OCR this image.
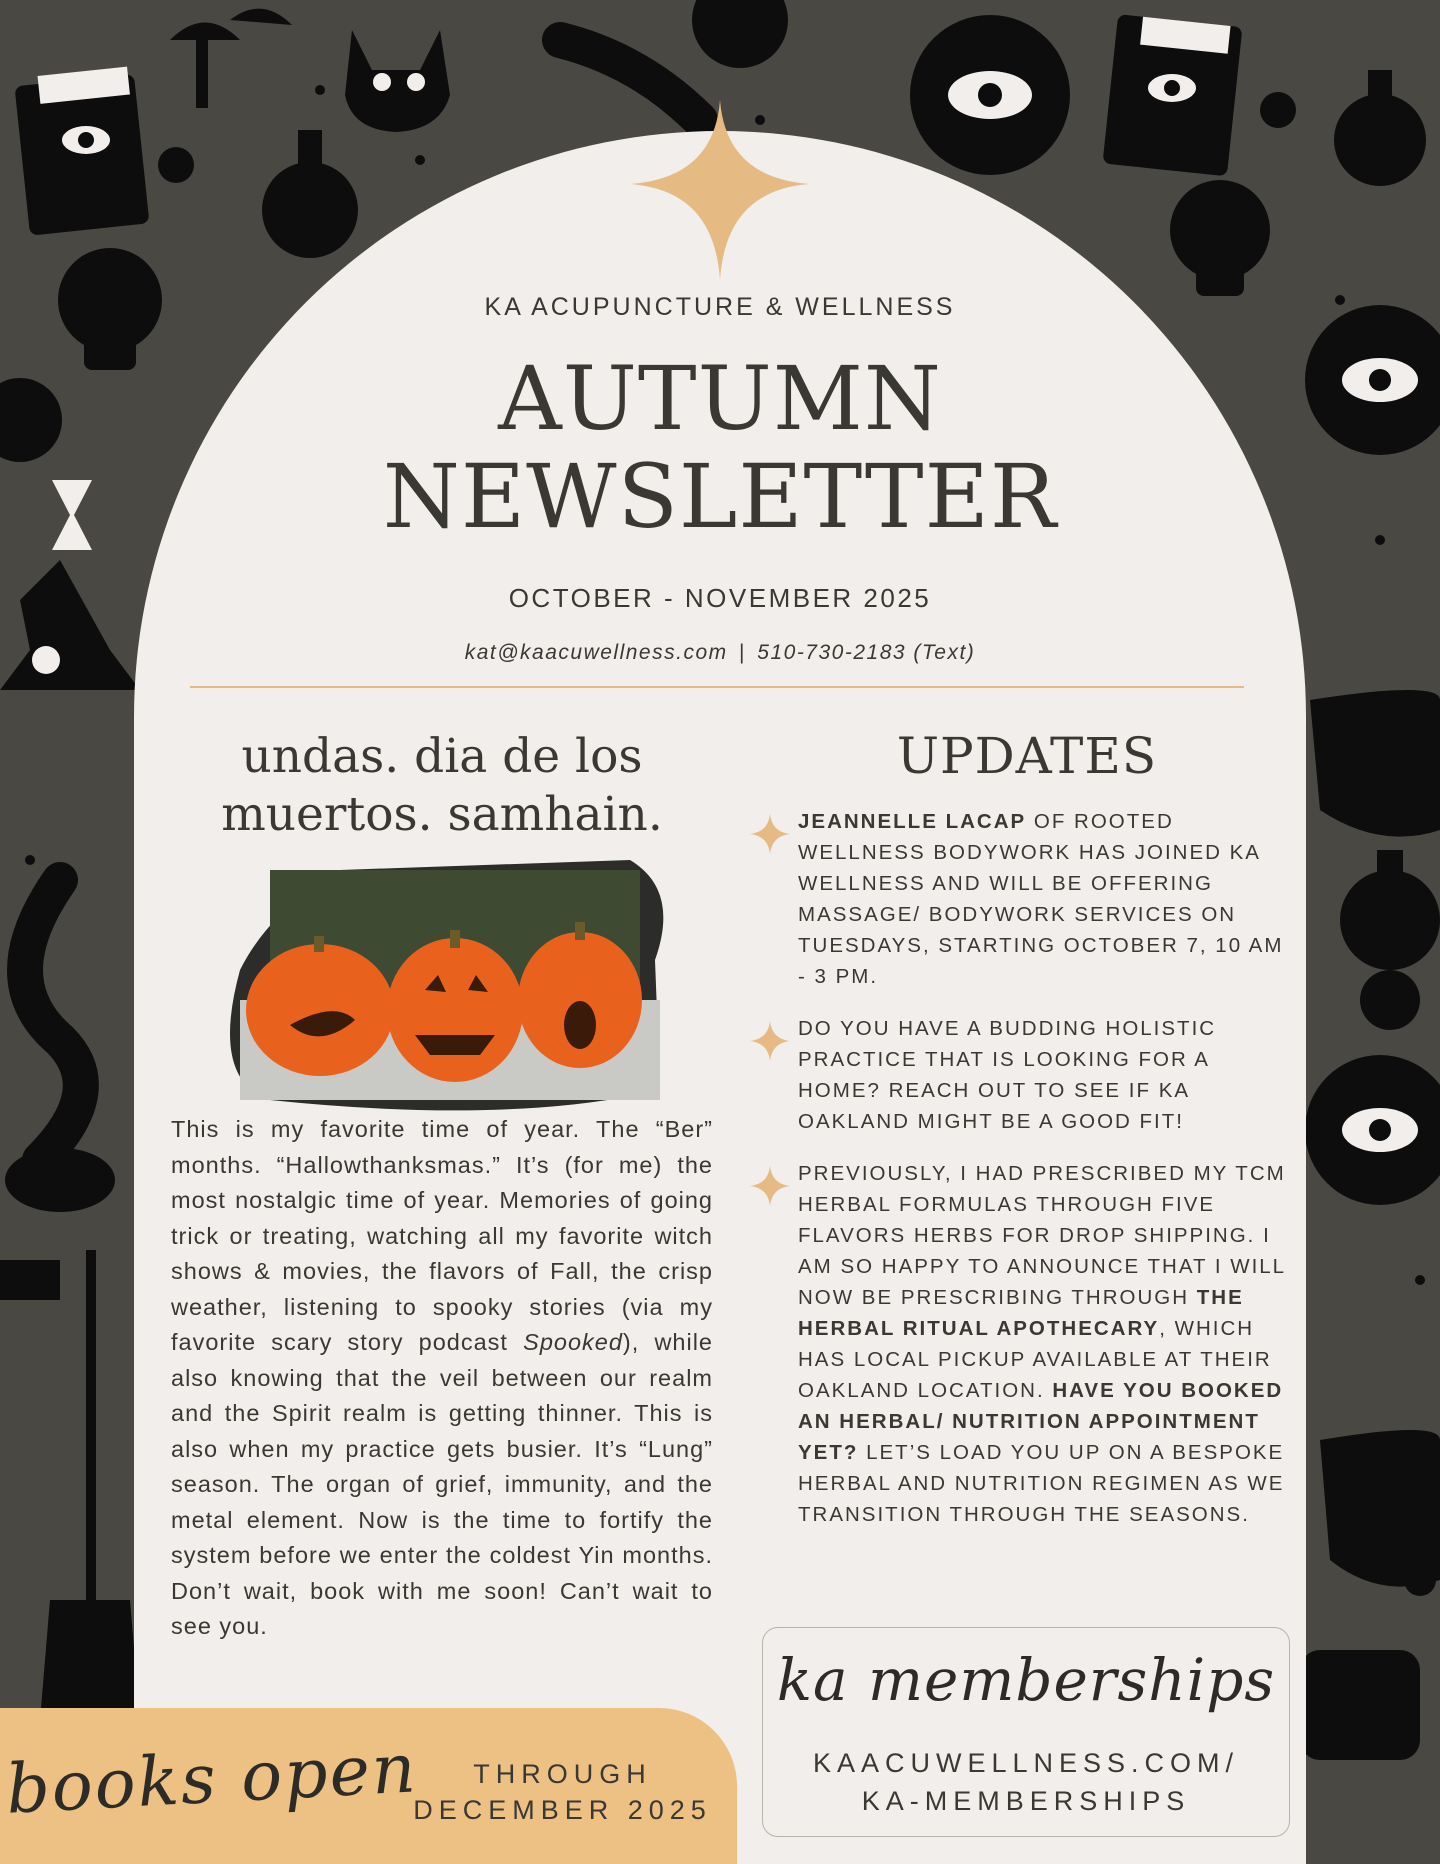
KA ACUPUNCTURE & WELLNESS
AUTUMN
NEWSLETTER
OCTOBER - NOVEMBER 2025
kat@kaacuwellness.com | 510-730-2183 (Text)
undas. dia de los
muertos. samhain.

This is my favorite time of year. The “Ber” months. “Hallowthanksmas.” It’s (for me) the most nostalgic time of year. Memories of going trick or treating, watching all my favorite witch shows & movies, the flavors of Fall, the crisp weather, listening to spooky stories (via my favorite scary story podcast Spooked), while also knowing that the veil between our realm and the Spirit realm is getting thinner. This is also when my practice gets busier. It’s “Lung” season. The organ of grief, immunity, and the metal element. Now is the time to fortify the system before we enter the coldest Yin months. Don’t wait, book with me soon! Can’t wait to see you.

UPDATES
JEANNELLE LACAP OF ROOTED WELLNESS BODYWORK HAS JOINED KA WELLNESS AND WILL BE OFFERING MASSAGE/ BODYWORK SERVICES ON TUESDAYS, STARTING OCTOBER 7, 10 AM - 3 PM.
DO YOU HAVE A BUDDING HOLISTIC PRACTICE THAT IS LOOKING FOR A HOME? REACH OUT TO SEE IF KA OAKLAND MIGHT BE A GOOD FIT!
PREVIOUSLY, I HAD PRESCRIBED MY TCM HERBAL FORMULAS THROUGH FIVE FLAVORS HERBS FOR DROP SHIPPING. I AM SO HAPPY TO ANNOUNCE THAT I WILL NOW BE PRESCRIBING THROUGH THE HERBAL RITUAL APOTHECARY, WHICH HAS LOCAL PICKUP AVAILABLE AT THEIR OAKLAND LOCATION. HAVE YOU BOOKED AN HERBAL/ NUTRITION APPOINTMENT YET? LET’S LOAD YOU UP ON A BESPOKE HERBAL AND NUTRITION REGIMEN AS WE TRANSITION THROUGH THE SEASONS.
ka memberships
KAACUWELLNESS.COM/
KA-MEMBERSHIPS
books open	THROUGH
DECEMBER 2025
